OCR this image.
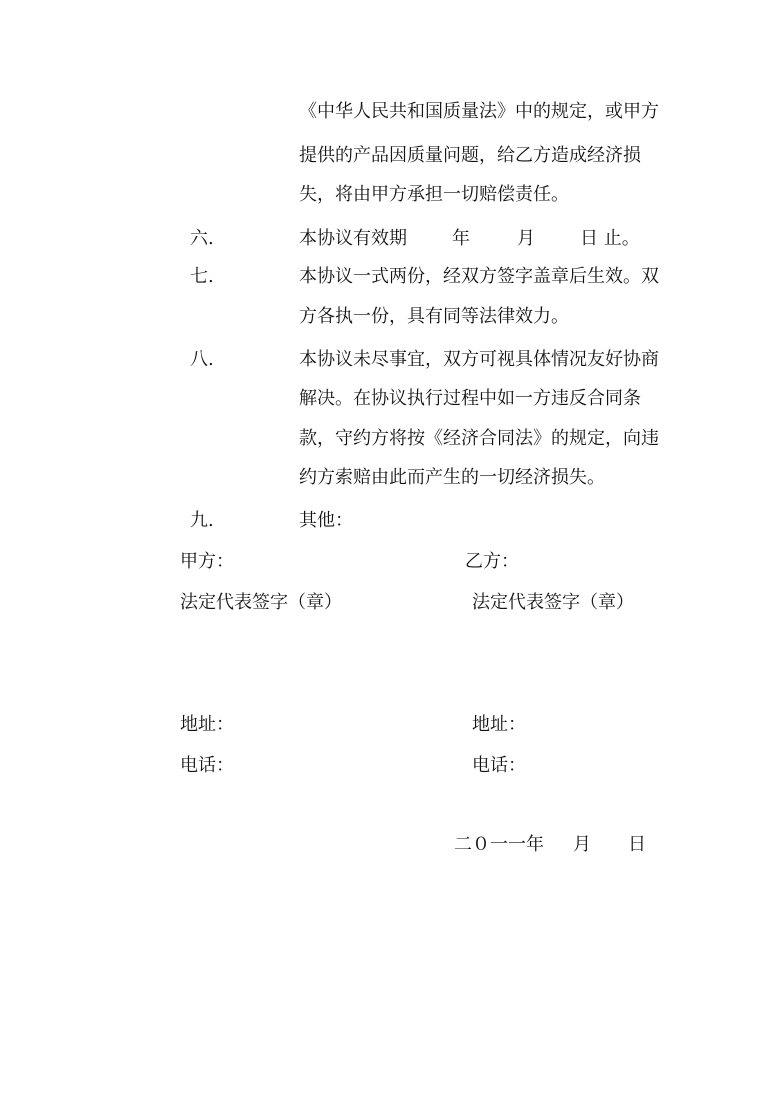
《中华人民共和国质量法》中的规定，或甲方
提供的产品因质量问题，给乙方造成经济损
失，将由甲方承担一切赔偿责任。
六.	本协议有效期	年	月	日 止。
七.	本协议一式两份，经双方签字盖章后生效。双
方各执一份，具有同等法律效力。
八.	本协议未尽事宜，双方可视具体情况友好协商
解决。在协议执行过程中如一方违反合同条
款，守约方将按《经济合同法》的规定，向违
约方索赔由此而产生的一切经济损失。
九.	其他：
甲方：	乙方：
法定代表签字（章）	法定代表签字（章）
地址：	地址：
电话：	电话：
二０一一年 月 日
